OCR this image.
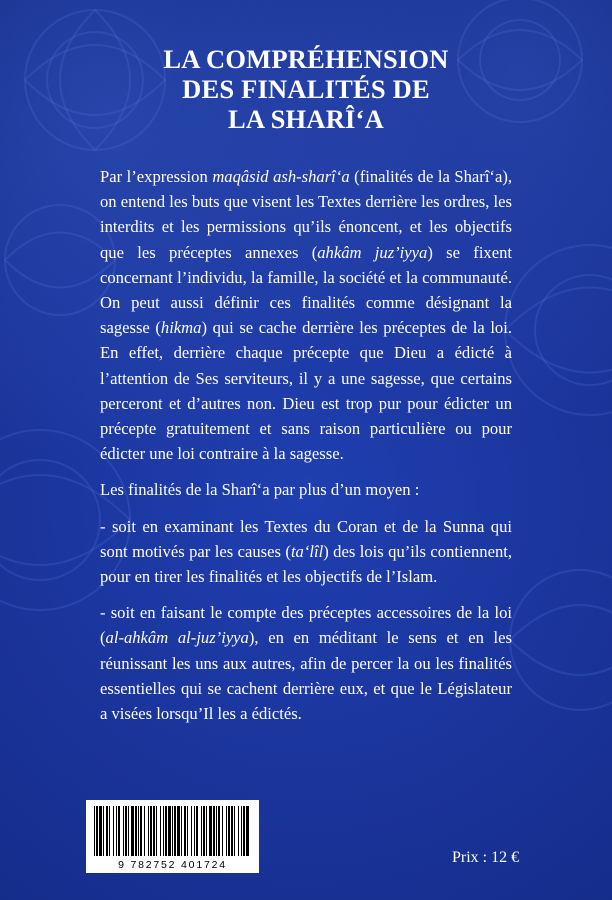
LA COMPRÉHENSION
DES FINALITÉS DE
LA SHARÎ‘A

Par l’expression maqâsid ash-sharî‘a (finalités de la Sharî‘a), on entend les buts que visent les Textes derrière les ordres, les interdits et les permissions qu’ils énoncent, et les objectifs que les préceptes annexes (ahkâm juz’iyya) se fixent concernant l’individu, la famille, la société et la communauté. On peut aussi définir ces finalités comme désignant la sagesse (hikma) qui se cache derrière les préceptes de la loi. En effet, derrière chaque précepte que Dieu a édicté à l’attention de Ses serviteurs, il y a une sagesse, que certains perceront et d’autres non. Dieu est trop pur pour édicter un précepte gratuitement et sans raison particulière ou pour édicter une loi contraire à la sagesse.

Les finalités de la Sharî‘a par plus d’un moyen :

- soit en examinant les Textes du Coran et de la Sunna qui sont motivés par les causes (ta‘lîl) des lois qu’ils contiennent, pour en tirer les finalités et les objectifs de l’Islam.

- soit en faisant le compte des préceptes accessoires de la loi (al-ahkâm al-juz’iyya), en en méditant le sens et en les réunissant les uns aux autres, afin de percer la ou les finalités essentielles qui se cachent derrière eux, et que le Législateur a visées lorsqu’Il les a édictés.

9 782752 401724	Prix : 12 €
